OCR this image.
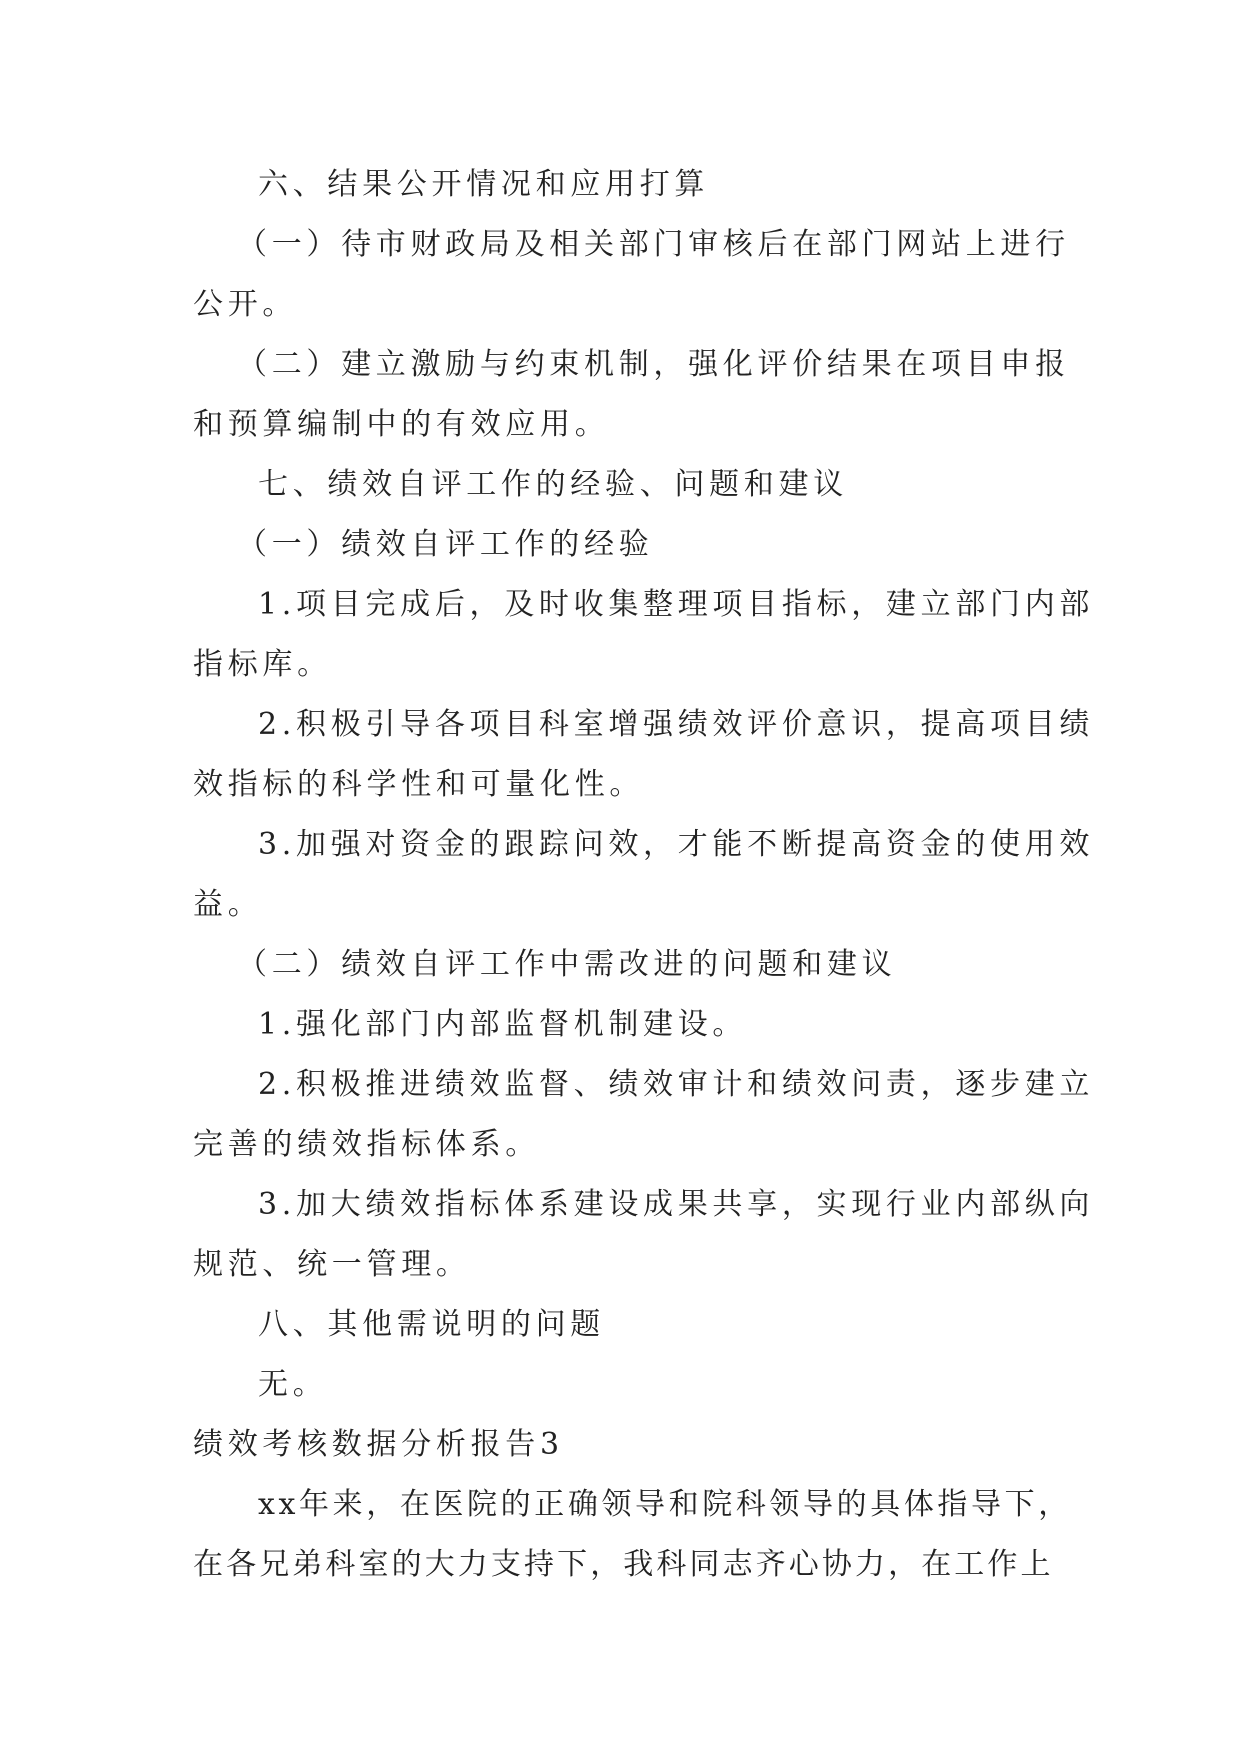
六、结果公开情况和应用打算
（一）待市财政局及相关部门审核后在部门网站上进行
公开。
（二）建立激励与约束机制，强化评价结果在项目申报
和预算编制中的有效应用。
七、绩效自评工作的经验、问题和建议
（一）绩效自评工作的经验
1.项目完成后，及时收集整理项目指标，建立部门内部
指标库。
2.积极引导各项目科室增强绩效评价意识，提高项目绩
效指标的科学性和可量化性。
3.加强对资金的跟踪问效，才能不断提高资金的使用效
益。
（二）绩效自评工作中需改进的问题和建议
1.强化部门内部监督机制建设。
2.积极推进绩效监督、绩效审计和绩效问责，逐步建立
完善的绩效指标体系。
3.加大绩效指标体系建设成果共享，实现行业内部纵向
规范、统一管理。
八、其他需说明的问题
无。
绩效考核数据分析报告3
xx年来，在医院的正确领导和院科领导的具体指导下，
在各兄弟科室的大力支持下，我科同志齐心协力，在工作上
